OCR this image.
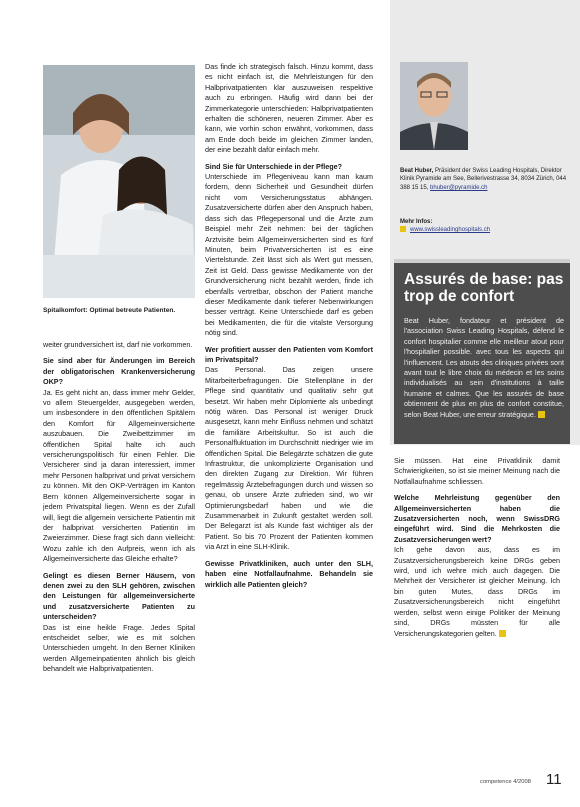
Spitalkomfort: Optimal betreute Patienten.

weiter grundversichert ist, darf nie vorkommen.

Sie sind aber für Änderungen im Bereich der obligatorischen Krankenversicherung OKP?

Ja. Es geht nicht an, dass immer mehr Gelder, vo allem Steuergelder, ausgegeben werden, um insbesondere in den öffentlichen Spitälern den Komfort für Allgemeinversicherte auszubauen. Die Zweibettzimmer im öffentlichen Spital halte ich auch versicherungspolitisch für einen Fehler. Die Versicherer sind ja daran interessiert, immer mehr Personen halbprivat und privat versichern zu können. Mit den OKP-Verträgen im Kanton Bern können Allgemeinversicherte sogar in jedem Privatspital liegen. Wenn es der Zufall will, liegt die allgemein versicherte Patientin mit der halbprivat versicherten Patientin im Zweierzimmer. Diese fragt sich dann vielleicht: Wozu zahle ich den Aufpreis, wenn ich als Allgemeinversicherte das Gleiche erhalte?

Gelingt es diesen Berner Häusern, von denen zwei zu den SLH gehören, zwischen den Leistungen für allgemeinversicherte und zusatzversicherte Patienten zu unterscheiden?

Das ist eine heikle Frage. Jedes Spital entscheidet selber, wie es mit solchen Unterschieden umgeht. In den Berner Kliniken werden Allgemeinpatienten ähnlich bis gleich behandelt wie Halbprivatpatienten.

Das finde ich strategisch falsch. Hinzu kommt, dass es nicht einfach ist, die Mehrleistungen für den Halbprivatpatienten klar auszuweisen respektive auch zu erbringen. Häufig wird dann bei der Zimmerkategorie unterschieden: Halbprivatpatienten erhalten die schöneren, neueren Zimmer. Aber es kann, wie vorhin schon erwähnt, vorkommen, dass am Ende doch beide im gleichen Zimmer landen, der eine bezahlt dafür einfach mehr.

Sind Sie für Unterschiede in der Pflege?

Unterschiede im Pflegeniveau kann man kaum fordern, denn Sicherheit und Gesundheit dürfen nicht vom Versicherungsstatus abhängen. Zusatzversicherte dürfen aber den Anspruch haben, dass sich das Pflegepersonal und die Ärzte zum Beispiel mehr Zeit nehmen: bei der täglichen Arztvisite beim Allgemeinversicherten sind es fünf Minuten, beim Privatversicherten ist es eine Viertelstunde. Zeit lässt sich als Wert gut messen, Zeit ist Geld. Dass gewisse Medikamente von der Grundversicherung nicht bezahlt werden, finde ich ebenfalls vertretbar, obschon der Patient manche dieser Medikamente dank tieferer Nebenwirkungen besser verträgt. Keine Unterschiede darf es geben bei Medikamenten, die für die vitalste Versorgung nötig sind.

Wer profitiert ausser den Patienten vom Komfort im Privatspital?

Das Personal. Das zeigen unsere Mitarbeiterbefragungen. Die Stellenpläne in der Pflege sind quantitativ und qualitativ sehr gut besetzt. Wir haben mehr Diplomierte als unbedingt nötig wären. Das Personal ist weniger Druck ausgesetzt, kann mehr Einfluss nehmen und schätzt die familiäre Arbeitskultur. So ist auch die Personalfluktuation im Durchschnitt niedriger wie im öffentlichen Spital. Die Belegärzte schätzen die gute Infrastruktur, die unkomplizierte Organisation und den direkten Zugang zur Direktion. Wir führen regelmässig Ärztebefragungen durch und wissen so genau, ob unsere Ärzte zufrieden sind, wo wir Optimierungsbedarf haben und wie die Zusammenarbeit in Zukunft gestaltet werden soll. Der Belegarzt ist als Kunde fast wichtiger als der Patient. So bis 70 Prozent der Patienten kommen via Arzt in eine SLH-Klinik.

Gewisse Privatkliniken, auch unter den SLH, haben eine Notfallaufnahme. Behandeln sie wirklich alle Patienten gleich?

Beat Huber, Präsident der Swiss Leading Hospitals, Direktor Klinik Pyramide am See, Bellerivestrasse 34, 8034 Zürich, 044 388 15 15, bhuber@pyramide.ch
Mehr Infos:
www.swissleadinghospitals.ch
Assurés de base: pas trop de confort
Beat Huber, fondateur et président de l'association Swiss Leading Hospitals, défend le confort hospitalier comme elle meilleur atout pour l'hospitalier possible. avec tous les aspects qui l'influencent. Les atouts des cliniques privées sont avant tout le libre choix du médecin et les soins individualisés au sein d'institutions à taille humaine et calmes. Que les assurés de base obtiennent de plus en plus de confort constitue, selon Beat Huber, une erreur stratégique.

Sie müssen. Hat eine Privatklinik damit Schwierigkeiten, so ist sie meiner Meinung nach die Notfallaufnahme schliessen.

Welche Mehrleistung gegenüber den Allgemeinversicherten haben die Zusatzversicherten noch, wenn SwissDRG eingeführt wird. Sind die Mehrkosten die Zusatzversicherungen wert?

Ich gehe davon aus, dass es im Zusatzversicherungsbereich keine DRGs geben wird, und ich wehre mich auch dagegen. Die Mehrheit der Versicherer ist gleicher Meinung. Ich bin guten Mutes, dass DRGs im Zusatzversicherungsbereich nicht eingeführt werden, selbst wenn einige Politiker der Meinung sind, DRGs müssten für alle Versicherungskategorien gelten.

competence 4/2008 11
